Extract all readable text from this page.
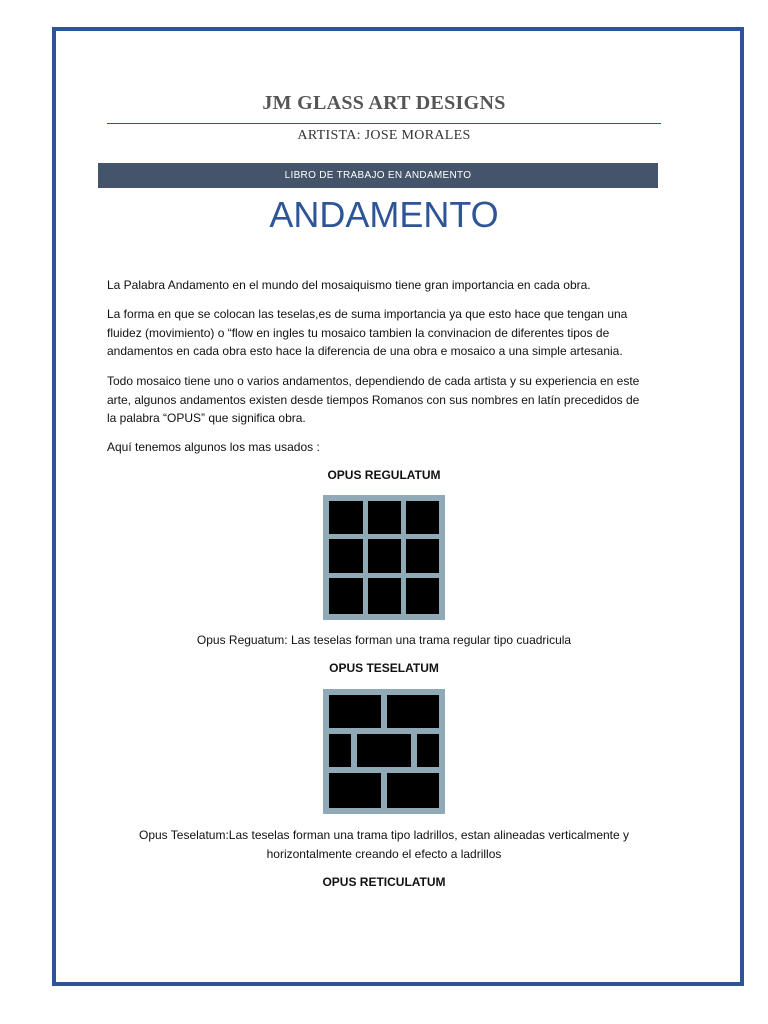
JM GLASS ART DESIGNS
ARTISTA: JOSE MORALES
LIBRO DE TRABAJO EN ANDAMENTO
ANDAMENTO

La Palabra Andamento en el mundo del mosaiquismo tiene gran importancia en cada obra.

La forma en que se colocan las teselas,es de suma importancia ya que esto hace que tengan una fluidez (movimiento) o “flow en ingles tu mosaico tambien la convinacion de diferentes tipos de andamentos en cada obra esto hace la diferencia de una obra e mosaico a una simple artesania.

Todo mosaico tiene uno o varios andamentos, dependiendo de cada artista y su experiencia en este arte, algunos andamentos existen desde tiempos Romanos con sus nombres en latín precedidos de la palabra “OPUS” que significa obra.

Aquí tenemos algunos los mas usados :

OPUS REGULATUM
Opus Reguatum: Las teselas forman una trama regular tipo cuadricula
OPUS TESELATUM
Opus Teselatum:Las teselas forman una trama tipo ladrillos, estan alineadas verticalmente y horizontalmente creando el efecto a ladrillos
OPUS RETICULATUM
